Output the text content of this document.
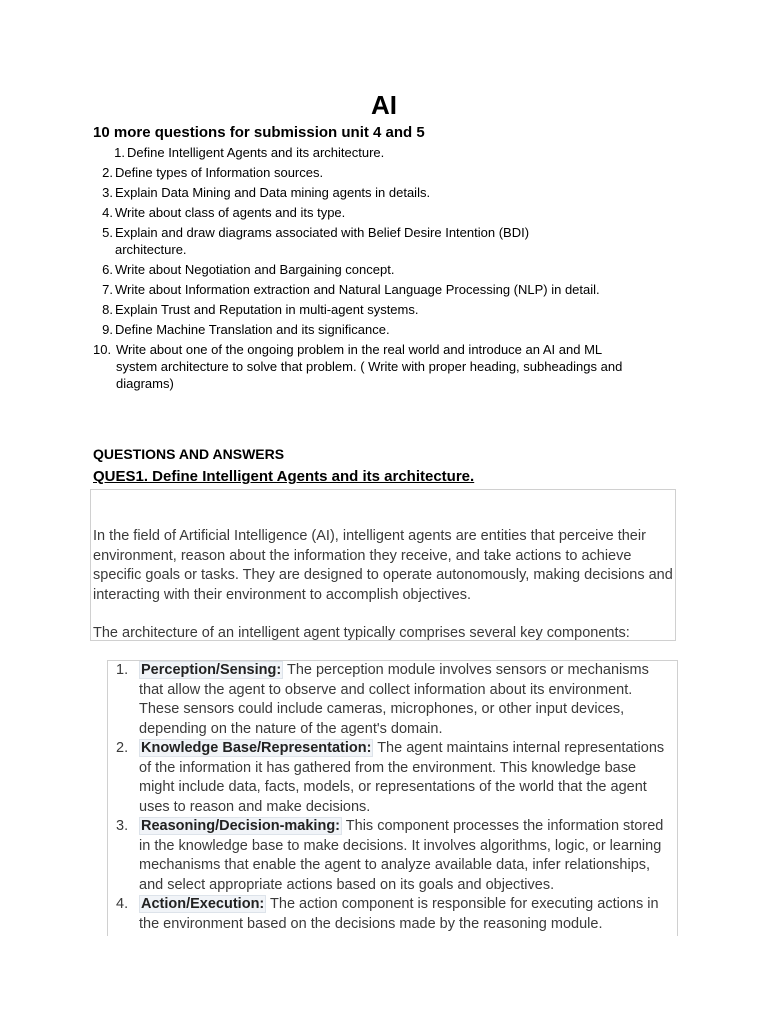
AI
10 more questions for submission unit 4 and 5
1. Define Intelligent Agents and its architecture.
2. Define types of Information sources.
3. Explain Data Mining and Data mining agents in details.
4. Write about class of agents and its type.
5. Explain and draw diagrams associated with Belief Desire Intention (BDI) architecture.
6. Write about Negotiation and Bargaining concept.
7. Write about Information extraction and Natural Language Processing (NLP) in detail.
8. Explain Trust and Reputation in multi-agent systems.
9. Define Machine Translation and its significance.
10. Write about one of the ongoing problem in the real world and introduce an AI and ML system architecture to solve that problem. ( Write with proper heading, subheadings and diagrams)
QUESTIONS AND ANSWERS
QUES1. Define Intelligent Agents and its architecture.
In the field of Artificial Intelligence (AI), intelligent agents are entities that perceive their environment, reason about the information they receive, and take actions to achieve specific goals or tasks. They are designed to operate autonomously, making decisions and interacting with their environment to accomplish objectives.
The architecture of an intelligent agent typically comprises several key components:
1. Perception/Sensing: The perception module involves sensors or mechanisms that allow the agent to observe and collect information about its environment. These sensors could include cameras, microphones, or other input devices, depending on the nature of the agent's domain.
2. Knowledge Base/Representation: The agent maintains internal representations of the information it has gathered from the environment. This knowledge base might include data, facts, models, or representations of the world that the agent uses to reason and make decisions.
3. Reasoning/Decision-making: This component processes the information stored in the knowledge base to make decisions. It involves algorithms, logic, or learning mechanisms that enable the agent to analyze available data, infer relationships, and select appropriate actions based on its goals and objectives.
4. Action/Execution: The action component is responsible for executing actions in the environment based on the decisions made by the reasoning module.
